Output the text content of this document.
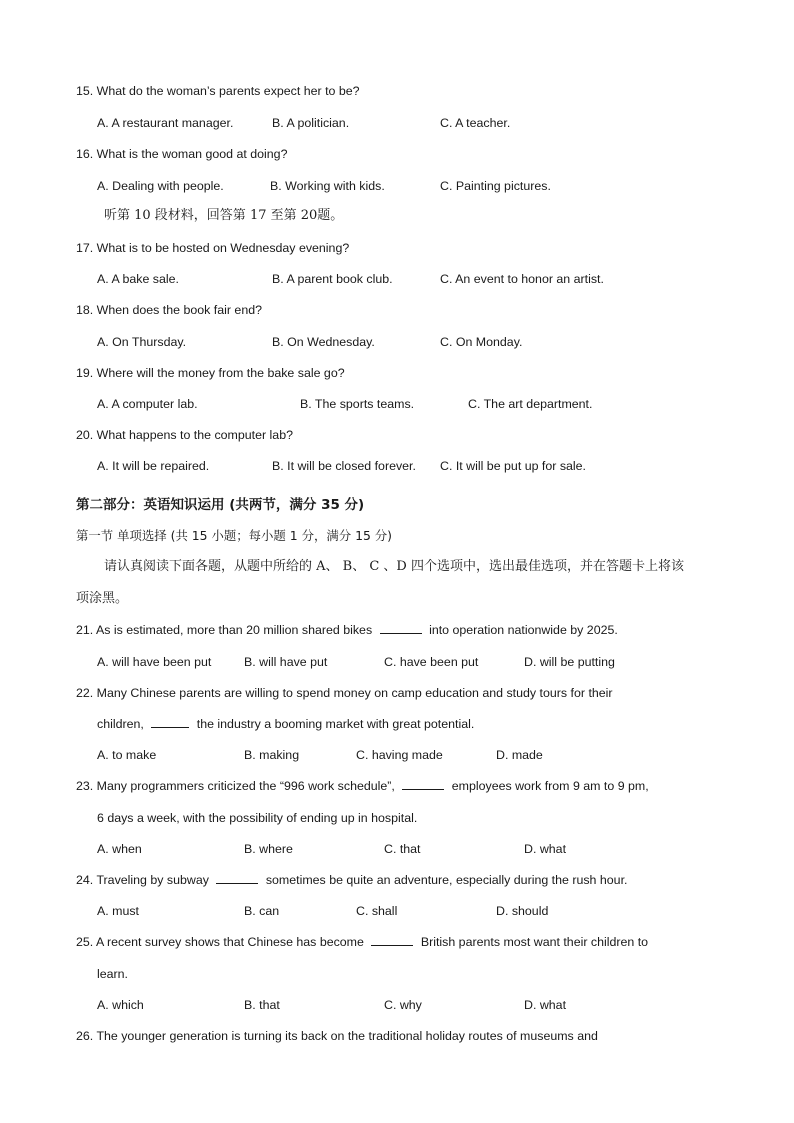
15. What do the woman’s parents expect her to be?
A. A restaurant manager.	B. A politician.	C. A teacher.
16. What is the woman good at doing?
A. Dealing with people.	B. Working with kids.	C. Painting pictures.
听第 10 段材料，回答第 17 至第 20题。
17. What is to be hosted on Wednesday evening?
A. A bake sale.	B. A parent book club.	C. An event to honor an artist.
18. When does the book fair end?
A. On Thursday.	B. On Wednesday.	C. On Monday.
19. Where will the money from the bake sale go?
A. A computer lab.	B. The sports teams.	C. The art department.
20. What happens to the computer lab?
A. It will be repaired.	B. It will be closed forever. C. It will be put up for sale.
第二部分：英语知识运用 (共两节，满分 35 分)
第一节 单项选择 (共 15 小题；每小题 1 分，满分 15 分)
请认真阅读下面各题，从题中所给的 A、 B、 C 、D 四个选项中，选出最佳选项，并在答题卡上将该
项涂黑。
21. As is estimated, more than 20 million shared bikes	into operation nationwide by 2025.
A. will have been put	B. will have put	C. have been put	D. will be putting
22. Many Chinese parents are willing to spend money on camp education and study tours for their
children,	the industry a booming market with great potential.
A. to make	B. making	C. having made	D. made
23. Many programmers criticized the “996 work schedule”,	employees work from 9 am to 9 pm,
6 days a week, with the possibility of ending up in hospital.
A. when	B. where	C. that	D. what
24. Traveling by subway	sometimes be quite an adventure, especially during the rush hour.
A. must	B. can	C. shall	D. should
25. A recent survey shows that Chinese has become	British parents most want their children to
learn.
A. which	B. that	C. why	D. what
26. The younger generation is turning its back on the traditional holiday routes of museums and
